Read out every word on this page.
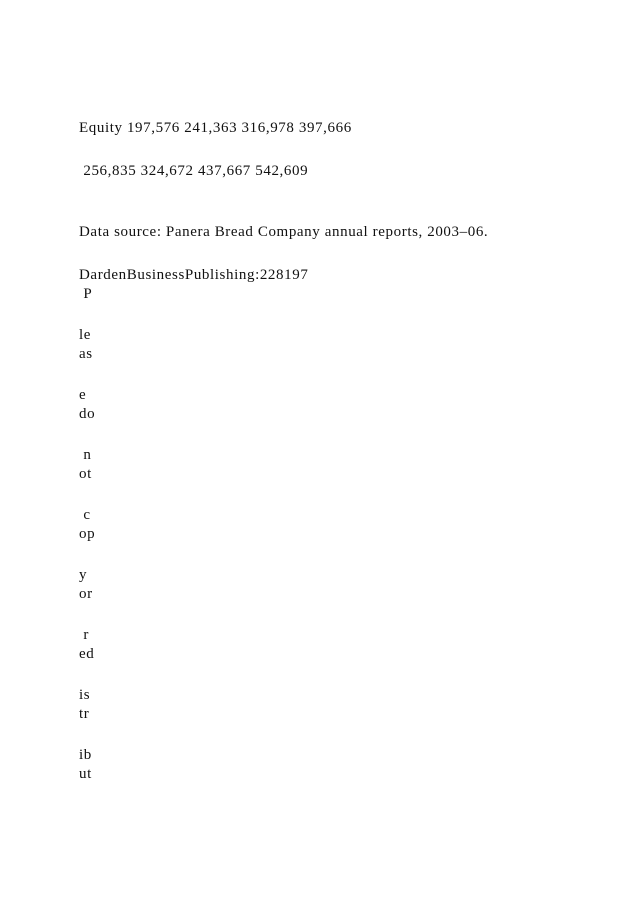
Equity 197,576 241,363 316,978 397,666
256,835 324,672 437,667 542,609
Data source: Panera Bread Company annual reports, 2003–06.
DardenBusinessPublishing:228197
P
le
as
e
do
n
ot
c
op
y
or
r
ed
is
tr
ib
ut
